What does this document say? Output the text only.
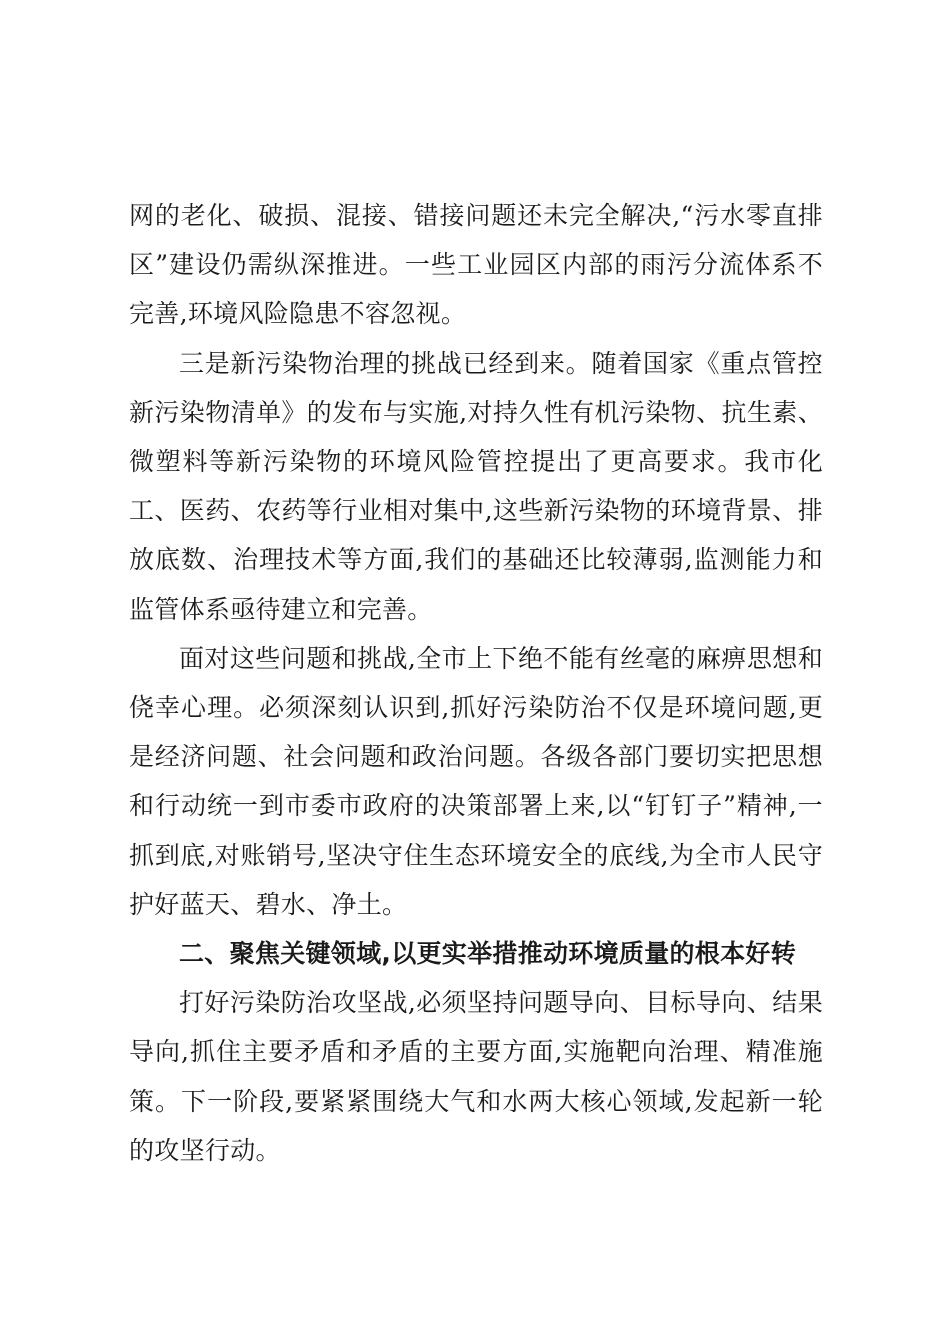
网的老化、破损、混接、错接问题还未完全解决,“污水零直排区”建设仍需纵深推进。一些工业园区内部的雨污分流体系不完善,环境风险隐患不容忽视。

三是新污染物治理的挑战已经到来。随着国家《重点管控新污染物清单》的发布与实施,对持久性有机污染物、抗生素、微塑料等新污染物的环境风险管控提出了更高要求。我市化工、医药、农药等行业相对集中,这些新污染物的环境背景、排放底数、治理技术等方面,我们的基础还比较薄弱,监测能力和监管体系亟待建立和完善。

面对这些问题和挑战,全市上下绝不能有丝毫的麻痹思想和侥幸心理。必须深刻认识到,抓好污染防治不仅是环境问题,更是经济问题、社会问题和政治问题。各级各部门要切实把思想和行动统一到市委市政府的决策部署上来,以“钉钉子”精神,一抓到底,对账销号,坚决守住生态环境安全的底线,为全市人民守护好蓝天、碧水、净土。

二、聚焦关键领域,以更实举措推动环境质量的根本好转

打好污染防治攻坚战,必须坚持问题导向、目标导向、结果导向,抓住主要矛盾和矛盾的主要方面,实施靶向治理、精准施策。下一阶段,要紧紧围绕大气和水两大核心领域,发起新一轮的攻坚行动。
